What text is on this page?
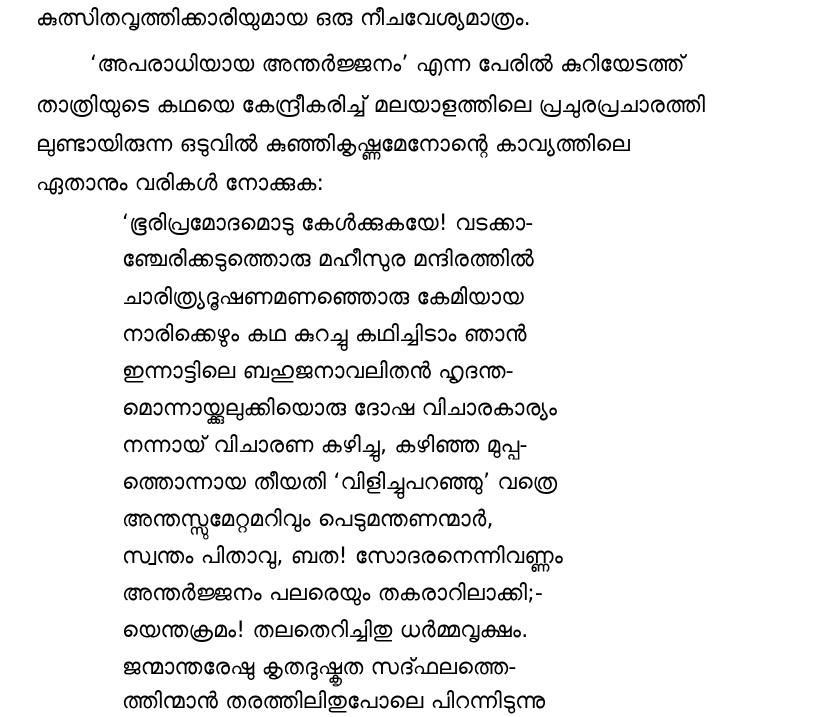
കുത്സിതവൃത്തിക്കാരിയുമായ ഒരു നീചവേശ്യമാത്രം.
‘അപരാധിയായ അന്തർജ്ജനം’ എന്ന പേരിൽ കുറിയേടത്ത്
താത്രിയുടെ കഥയെ കേന്ദ്രീകരിച്ച് മലയാളത്തിലെ പ്രചുരപ്രചാരത്തി
ലുണ്ടായിരുന്ന ഒടുവിൽ കുഞ്ഞികൃഷ്ണമേനോന്റെ കാവ്യത്തിലെ
ഏതാനും വരികൾ നോക്കുക:
‘ഭൂരിപ്രമോദമൊടു കേൾക്കുകയേ! വടക്കാ-
ഞ്ചേരിക്കടുത്തൊരു മഹീസുര മന്ദിരത്തിൽ
ചാരിത്ര്യദൂഷണമണഞ്ഞൊരു കേമിയായ
നാരിക്കെഴും കഥ കുറച്ചു കഥിച്ചിടാം ഞാൻ
ഇന്നാട്ടിലെ ബഹുജനാവലിതൻ ഹൃദന്ത-
മൊന്നായ്ക്കുലുക്കിയൊരു ദോഷ വിചാരകാര്യം
നന്നായ് വിചാരണ കഴിച്ചു, കഴിഞ്ഞ മുപ്പ-
ത്തൊന്നായ തീയതി ‘വിളിച്ചുപറഞ്ഞു’ വത്രെ
അന്തസ്സുമേറ്റമറിവും പെടുമന്തണന്മാർ,
സ്വന്തം പിതാവു, ബത! സോദരനെന്നിവണ്ണം
അന്തർജ്ജനം പലരെയും തകരാറിലാക്കി;-
യെന്തക്രമം! തലതെറിച്ചിതു ധർമ്മവൃക്ഷം.
ജന്മാന്തരേഷു കൃതദുഷ്കൃത സദ്ഫലത്തെ-
ത്തിന്മാൻ തരത്തിലിതുപോലെ പിറന്നിടുന്നു
